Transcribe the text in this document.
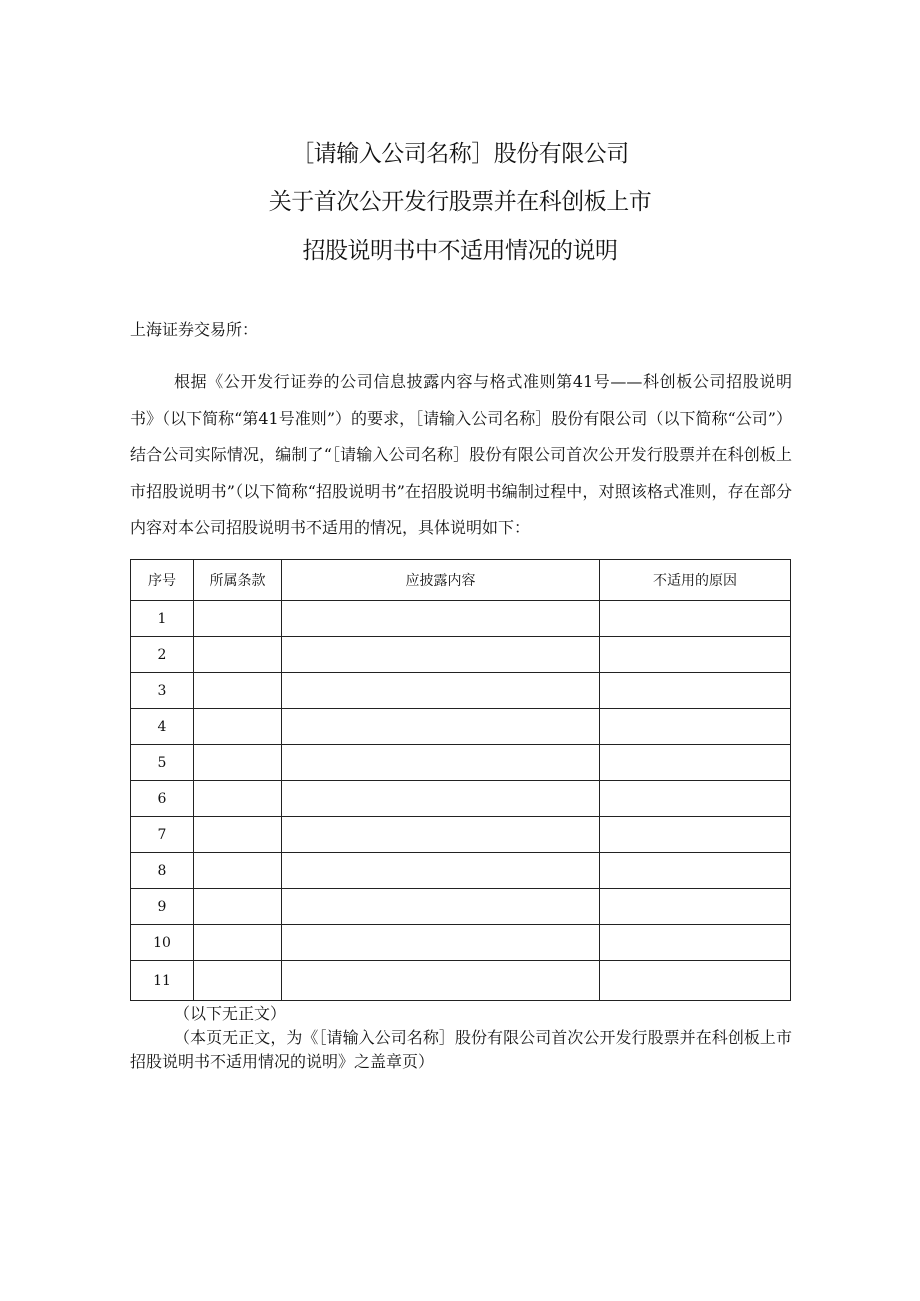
［请输入公司名称］股份有限公司
关于首次公开发行股票并在科创板上市
招股说明书中不适用情况的说明
上海证券交易所：

根据《公开发行证券的公司信息披露内容与格式准则第41号——科创板公司招股说明书》（以下简称“第41号准则”）的要求，［请输入公司名称］股份有限公司（以下简称“公司”）结合公司实际情况，编制了“［请输入公司名称］股份有限公司首次公开发行股票并在科创板上市招股说明书”（以下简称“招股说明书”在招股说明书编制过程中，对照该格式准则，存在部分内容对本公司招股说明书不适用的情况，具体说明如下：

序号	所属条款	应披露内容	不适用的原因
1			
2			
3			
4			
5			
6			
7			
8			
9			
10			
11			

（以下无正文）

（本页无正文，为《［请输入公司名称］股份有限公司首次公开发行股票并在科创板上市招股说明书不适用情况的说明》之盖章页）
